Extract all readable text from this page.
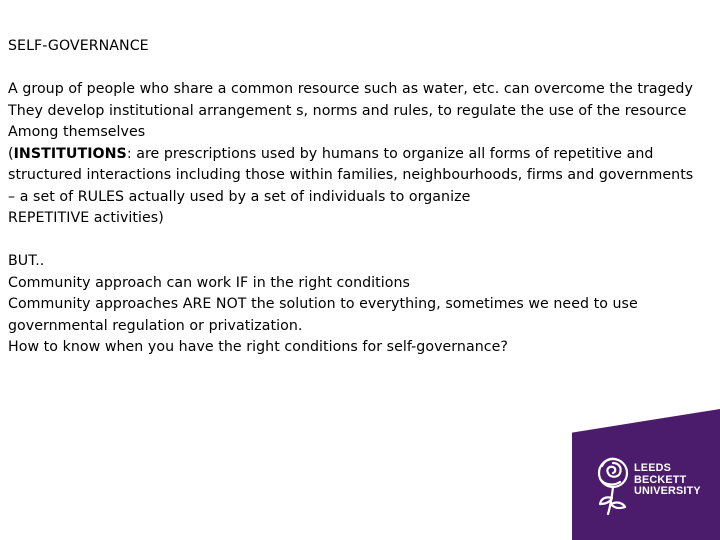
SELF-GOVERNANCE

A group of people who share a common resource such as water, etc. can overcome the tragedy

They develop institutional arrangement s, norms and rules, to regulate the use of the resource

Among themselves

(INSTITUTIONS: are prescriptions used by humans to organize all forms of repetitive and

structured interactions including those within families, neighbourhoods, firms and governments

– a set of RULES actually used by a set of individuals to organize

REPETITIVE activities)

BUT..

Community approach can work IF in the right conditions

Community approaches ARE NOT the solution to everything, sometimes we need to use

governmental regulation or privatization.

How to know when you have the right conditions for self-governance?

LEEDS
BECKETT
UNIVERSITY
